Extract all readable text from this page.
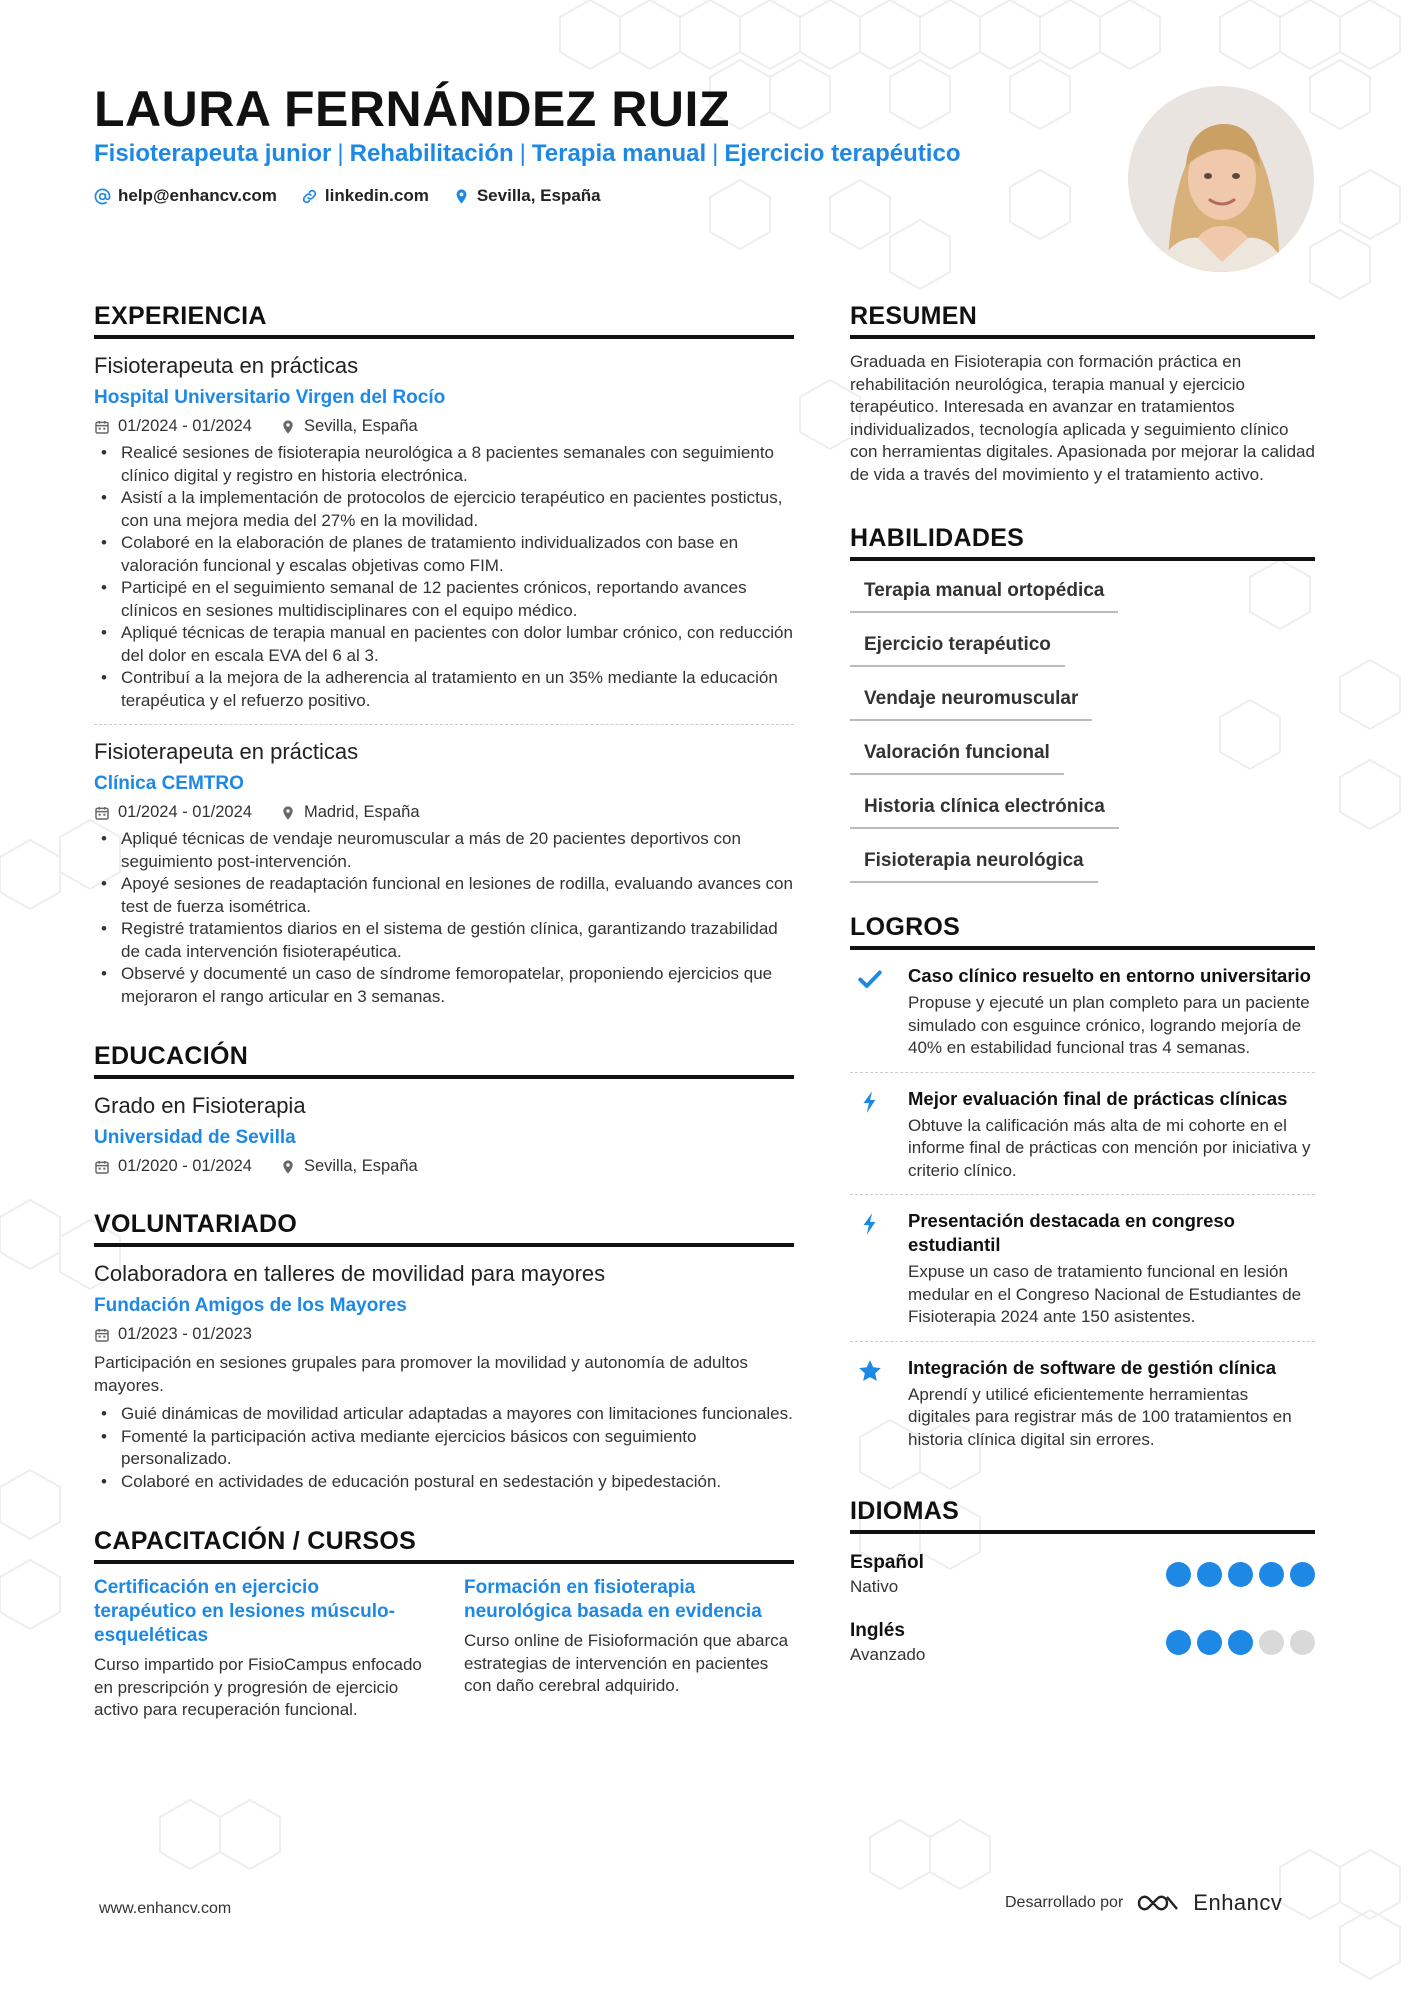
LAURA FERNÁNDEZ RUIZ
Fisioterapeuta junior | Rehabilitación | Terapia manual | Ejercicio terapéutico
help@enhancv.com	linkedin.com	Sevilla, España
EXPERIENCIA
Fisioterapeuta en prácticas
Hospital Universitario Virgen del Rocío
01/2024 - 01/2024	Sevilla, España
• Realicé sesiones de fisioterapia neurológica a 8 pacientes semanales con seguimiento clínico digital y registro en historia electrónica.
• Asistí a la implementación de protocolos de ejercicio terapéutico en pacientes postictus, con una mejora media del 27% en la movilidad.
• Colaboré en la elaboración de planes de tratamiento individualizados con base en valoración funcional y escalas objetivas como FIM.
• Participé en el seguimiento semanal de 12 pacientes crónicos, reportando avances clínicos en sesiones multidisciplinares con el equipo médico.
• Apliqué técnicas de terapia manual en pacientes con dolor lumbar crónico, con reducción del dolor en escala EVA del 6 al 3.
• Contribuí a la mejora de la adherencia al tratamiento en un 35% mediante la educación terapéutica y el refuerzo positivo.
Fisioterapeuta en prácticas
Clínica CEMTRO
01/2024 - 01/2024	Madrid, España
• Apliqué técnicas de vendaje neuromuscular a más de 20 pacientes deportivos con seguimiento post-intervención.
• Apoyé sesiones de readaptación funcional en lesiones de rodilla, evaluando avances con test de fuerza isométrica.
• Registré tratamientos diarios en el sistema de gestión clínica, garantizando trazabilidad de cada intervención fisioterapéutica.
• Observé y documenté un caso de síndrome femoropatelar, proponiendo ejercicios que mejoraron el rango articular en 3 semanas.
EDUCACIÓN
Grado en Fisioterapia
Universidad de Sevilla
01/2020 - 01/2024	Sevilla, España
VOLUNTARIADO
Colaboradora en talleres de movilidad para mayores
Fundación Amigos de los Mayores
01/2023 - 01/2023
Participación en sesiones grupales para promover la movilidad y autonomía de adultos mayores.
• Guié dinámicas de movilidad articular adaptadas a mayores con limitaciones funcionales.
• Fomenté la participación activa mediante ejercicios básicos con seguimiento personalizado.
• Colaboré en actividades de educación postural en sedestación y bipedestación.
CAPACITACIÓN / CURSOS
Certificación en ejercicio terapéutico en lesiones músculo-esqueléticas
Curso impartido por FisioCampus enfocado en prescripción y progresión de ejercicio activo para recuperación funcional.
Formación en fisioterapia neurológica basada en evidencia
Curso online de Fisioformación que abarca estrategias de intervención en pacientes con daño cerebral adquirido.
RESUMEN
Graduada en Fisioterapia con formación práctica en rehabilitación neurológica, terapia manual y ejercicio terapéutico. Interesada en avanzar en tratamientos individualizados, tecnología aplicada y seguimiento clínico con herramientas digitales. Apasionada por mejorar la calidad de vida a través del movimiento y el tratamiento activo.
HABILIDADES
Terapia manual ortopédica
Ejercicio terapéutico
Vendaje neuromuscular
Valoración funcional
Historia clínica electrónica
Fisioterapia neurológica
LOGROS
Caso clínico resuelto en entorno universitario
Propuse y ejecuté un plan completo para un paciente simulado con esguince crónico, logrando mejoría de 40% en estabilidad funcional tras 4 semanas.
Mejor evaluación final de prácticas clínicas
Obtuve la calificación más alta de mi cohorte en el informe final de prácticas con mención por iniciativa y criterio clínico.
Presentación destacada en congreso estudiantil
Expuse un caso de tratamiento funcional en lesión medular en el Congreso Nacional de Estudiantes de Fisioterapia 2024 ante 150 asistentes.
Integración de software de gestión clínica
Aprendí y utilicé eficientemente herramientas digitales para registrar más de 100 tratamientos en historia clínica digital sin errores.
IDIOMAS
Español
Nativo
Inglés
Avanzado
www.enhancv.com	Desarrollado por	Enhancv
